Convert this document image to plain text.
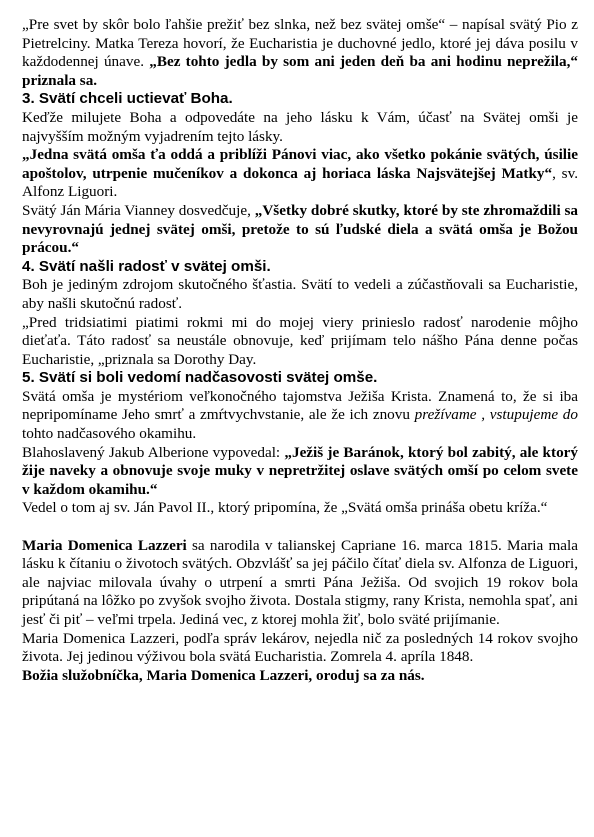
„Pre svet by skôr bolo ľahšie prežiť bez slnka, než bez svätej omše“ – napísal svätý Pio z Pietrelciny. Matka Tereza hovorí, že Eucharistia je duchovné jedlo, ktoré jej dáva posilu v každodennej únave. „Bez tohto jedla by som ani jeden deň ba ani hodinu neprežila,“ priznala sa.

3. Svätí chceli uctievať Boha.

Keďže milujete Boha a odpovedáte na jeho lásku k Vám, účasť na Svätej omši je najvyšším možným vyjadrením tejto lásky.

„Jedna svätá omša ťa oddá a priblíži Pánovi viac, ako všetko pokánie svätých, úsilie apoštolov, utrpenie mučeníkov a dokonca aj horiaca láska Najsvätejšej Matky“, sv. Alfonz Liguori.

Svätý Ján Mária Vianney dosvedčuje, „Všetky dobré skutky, ktoré by ste zhromaždili sa nevyrovnajú jednej svätej omši, pretože to sú ľudské diela a svätá omša je Božou prácou.“

4. Svätí našli radosť v svätej omši.

Boh je jediným zdrojom skutočného šťastia. Svätí to vedeli a zúčastňovali sa Eucharistie, aby našli skutočnú radosť.

„Pred tridsiatimi piatimi rokmi mi do mojej viery prinieslo radosť narodenie môjho dieťaťa. Táto radosť sa neustále obnovuje, keď prijímam telo nášho Pána denne počas Eucharistie, „priznala sa Dorothy Day.

5. Svätí si boli vedomí nadčasovosti svätej omše.

Svätá omša je mystériom veľkonočného tajomstva Ježiša Krista. Znamená to, že si iba nepripomíname Jeho smrť a zmŕtvychvstanie, ale že ich znovu prežívame , vstupujeme do tohto nadčasového okamihu.

Blahoslavený Jakub Alberione vypovedal: „Ježiš je Baránok, ktorý bol zabitý, ale ktorý žije naveky a obnovuje svoje muky v nepretržitej oslave svätých omší po celom svete v každom okamihu.“

Vedel o tom aj sv. Ján Pavol II., ktorý pripomína, že „Svätá omša prináša obetu kríža.“

Maria Domenica Lazzeri sa narodila v talianskej Capriane 16. marca 1815. Maria mala lásku k čítaniu o životoch svätých. Obzvlášť sa jej páčilo čítať diela sv. Alfonza de Liguori, ale najviac milovala úvahy o utrpení a smrti Pána Ježiša. Od svojich 19 rokov bola pripútaná na lôžko po zvyšok svojho života. Dostala stigmy, rany Krista, nemohla spať, ani jesť či piť – veľmi trpela. Jediná vec, z ktorej mohla žiť, bolo sväté prijímanie.

Maria Domenica Lazzeri, podľa správ lekárov, nejedla nič za posledných 14 rokov svojho života. Jej jedinou výživou bola svätá Eucharistia. Zomrela 4. apríla 1848.

Božia služobníčka, Maria Domenica Lazzeri, oroduj sa za nás.
